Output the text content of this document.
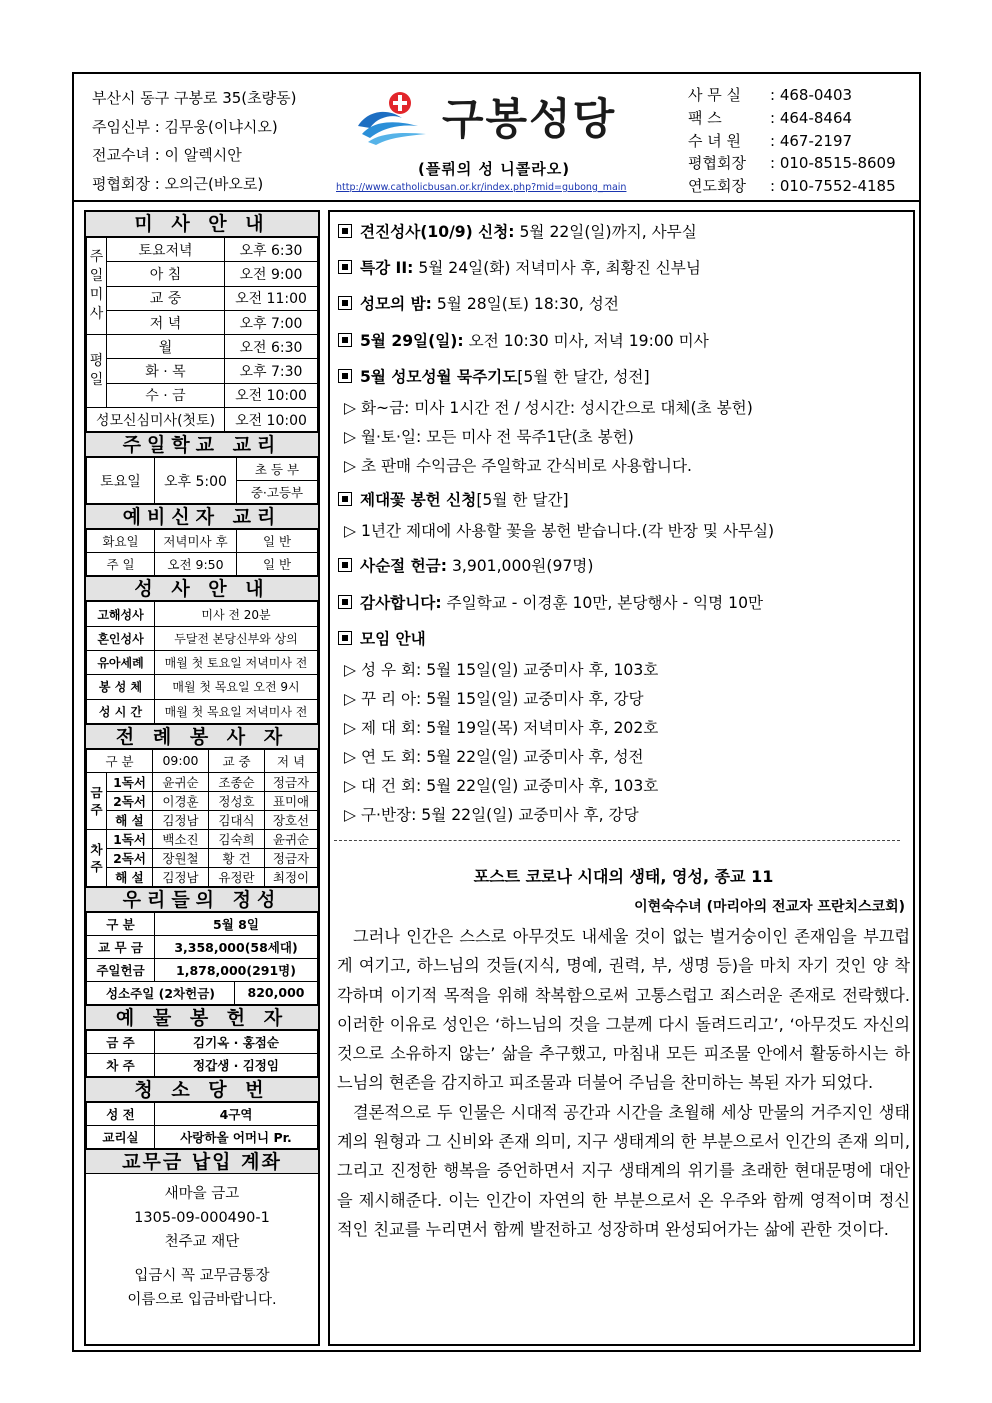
부산시 동구 구봉로 35(초량동)
주임신부 : 김무웅(이냐시오)
전교수녀 : 이 알렉시안
평협회장 : 오의근(바오로)
구봉성당
(플뤼의 성 니콜라오)
http://www.catholicbusan.or.kr/index.php?mid=gubong_main
사 무 실 : 468-0403
팩 스	: 464-8464
수 녀 원 : 467-2197
평협회장 : 010-8515-8609
연도회장 : 010-7552-4185
미 사 안 내
주일미사	토요저녁	오후 6:30
	아 침	오전 9:00
	교 중	오전 11:00
	저 녁	오후 7:00
평일	월	오전 6:30
	화 · 목	오후 7:30
	수 · 금	오전 10:00
성모신심미사(첫토)		오전 10:00
주일학교 교리
토요일	오후 5:00	초 등 부
중·고등부
예비신자 교리
화요일	저녁미사 후	일 반
주 일	오전 9:50	일 반
성 사 안 내
고해성사	미사 전 20분
혼인성사	두달전 본당신부와 상의
유아세례	매월 첫 토요일 저녁미사 전
봉 성 체	매월 첫 목요일 오전 9시
성 시 간	매월 첫 목요일 저녁미사 전
전 례 봉 사 자
구 분		09:00	교 중	저 녁
금주	1독서	윤귀순	조종순	정금자
	2독서	이경훈	정성호	표미애
	해 설	김정남	김대식	장호선
차주	1독서	백소진	김숙희	윤귀순
	2독서	장원철	황 건	정금자
	해 설	김정남	유정란	최정이
우리들의 정성
구 분	5월 8일	
교 무 금	3,358,000(58세대)	
주일헌금	1,878,000(291명)	
성소주일 (2차헌금)		820,000
예 물 봉 헌 자
금 주	김기옥 · 홍점순
차 주	정갑생 · 김정임
청 소 당 번
성 전	4구역
교리실	사랑하올 어머니 Pr.
교무금 납입 계좌
새마을 금고
1305-09-000490-1
천주교 재단
입금시 꼭 교무금통장
이름으로 입금바랍니다.
견진성사(10/9) 신청: 5월 22일(일)까지, 사무실
특강 II: 5월 24일(화) 저녁미사 후, 최황진 신부님
성모의 밤: 5월 28일(토) 18:30, 성전
5월 29일(일): 오전 10:30 미사, 저녁 19:00 미사
5월 성모성월 묵주기도[5월 한 달간, 성전]
▷ 화~금: 미사 1시간 전 / 성시간: 성시간으로 대체(초 봉헌)
▷ 월·토·일: 모든 미사 전 묵주1단(초 봉헌)
▷ 초 판매 수익금은 주일학교 간식비로 사용합니다.
제대꽃 봉헌 신청[5월 한 달간]
▷ 1년간 제대에 사용할 꽃을 봉헌 받습니다.(각 반장 및 사무실)
사순절 헌금: 3,901,000원(97명)
감사합니다: 주일학교 - 이경훈 10만, 본당행사 - 익명 10만
모임 안내
▷ 성 우 회: 5월 15일(일) 교중미사 후, 103호
▷ 꾸 리 아: 5월 15일(일) 교중미사 후, 강당
▷ 제 대 회: 5월 19일(목) 저녁미사 후, 202호
▷ 연 도 회: 5월 22일(일) 교중미사 후, 성전
▷ 대 건 회: 5월 22일(일) 교중미사 후, 103호
▷ 구·반장: 5월 22일(일) 교중미사 후, 강당
포스트 코로나 시대의 생태, 영성, 종교 11
이현숙수녀 (마리아의 전교자 프란치스코회)

그러나 인간은 스스로 아무것도 내세울 것이 없는 벌거숭이인 존재임을 부끄럽게 여기고, 하느님의 것들(지식, 명예, 권력, 부, 생명 등)을 마치 자기 것인 양 착각하며 이기적 목적을 위해 착복함으로써 고통스럽고 죄스러운 존재로 전락했다. 이러한 이유로 성인은 ‘하느님의 것을 그분께 다시 돌려드리고’, ‘아무것도 자신의 것으로 소유하지 않는’ 삶을 추구했고, 마침내 모든 피조물 안에서 활동하시는 하느님의 현존을 감지하고 피조물과 더불어 주님을 찬미하는 복된 자가 되었다.

결론적으로 두 인물은 시대적 공간과 시간을 초월해 세상 만물의 거주지인 생태계의 원형과 그 신비와 존재 의미, 지구 생태계의 한 부분으로서 인간의 존재 의미, 그리고 진정한 행복을 증언하면서 지구 생태계의 위기를 초래한 현대문명에 대안을 제시해준다. 이는 인간이 자연의 한 부분으로서 온 우주와 함께 영적이며 정신적인 친교를 누리면서 함께 발전하고 성장하며 완성되어가는 삶에 관한 것이다.
